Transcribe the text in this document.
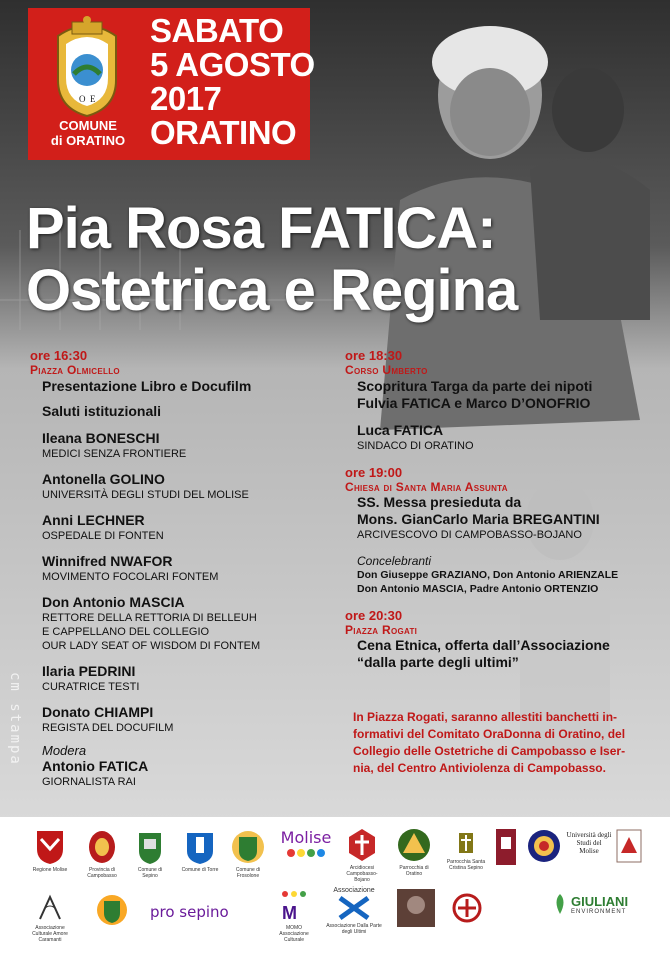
O E
COMUNE
di ORATINO
SABATO
5 AGOSTO
2017
ORATINO
Pia Rosa FATICA:
Ostetrica e Regina
ore 16:30
Piazza Olmicello
Presentazione Libro e Docufilm
Saluti istituzionali
Ileana BONESCHI
MEDICI SENZA FRONTIERE
Antonella GOLINO
UNIVERSITÀ DEGLI STUDI DEL MOLISE
Anni LECHNER
OSPEDALE DI FONTEN
Winnifred NWAFOR
MOVIMENTO FOCOLARI FONTEM
Don Antonio MASCIA
RETTORE DELLA RETTORIA DI BELLEUH
E CAPPELLANO DEL COLLEGIO
OUR LADY SEAT OF WISDOM DI FONTEM
Ilaria PEDRINI
CURATRICE TESTI
Donato CHIAMPI
REGISTA DEL DOCUFILM
Modera
Antonio FATICA
GIORNALISTA RAI
ore 18:30
Corso Umberto
Scopritura Targa da parte dei nipoti
Fulvia FATICA e Marco D’ONOFRIO
Luca FATICA
SINDACO DI ORATINO
ore 19:00
Chiesa di Santa Maria Assunta
SS. Messa presieduta da
Mons. GianCarlo Maria BREGANTINI
ARCIVESCOVO DI CAMPOBASSO-BOJANO
Concelebranti
Don Giuseppe GRAZIANO, Don Antonio ARIENZALE
Don Antonio MASCIA, Padre Antonio ORTENZIO
ore 20:30
Piazza Rogati
Cena Etnica, offerta dall’Associazione
“dalla parte degli ultimi”
In Piazza Rogati, saranno allestiti banchetti in-
formativi del Comitato OraDonna di Oratino, del
Collegio delle Ostetriche di Campobasso e Iser-
nia, del Centro Antiviolenza di Campobasso.
cm stampa
Regione Molise	Provincia di Campobasso
Comune di Sepino
Comune di Torre	Comune di Frosolone
Molise
Arcidiocesi Campobasso-Bojano
Parrocchia di Oratino
Parrocchia Santa Cristina Sepino
Università degli Studi del Molise
Associazione Culturale Amore Caramanti
pro sepino	M
MOMO Associazione Culturale
Associazione
Associazione Dalla Parte degli Ultimi
GIULIANI
ENVIRONMENT
